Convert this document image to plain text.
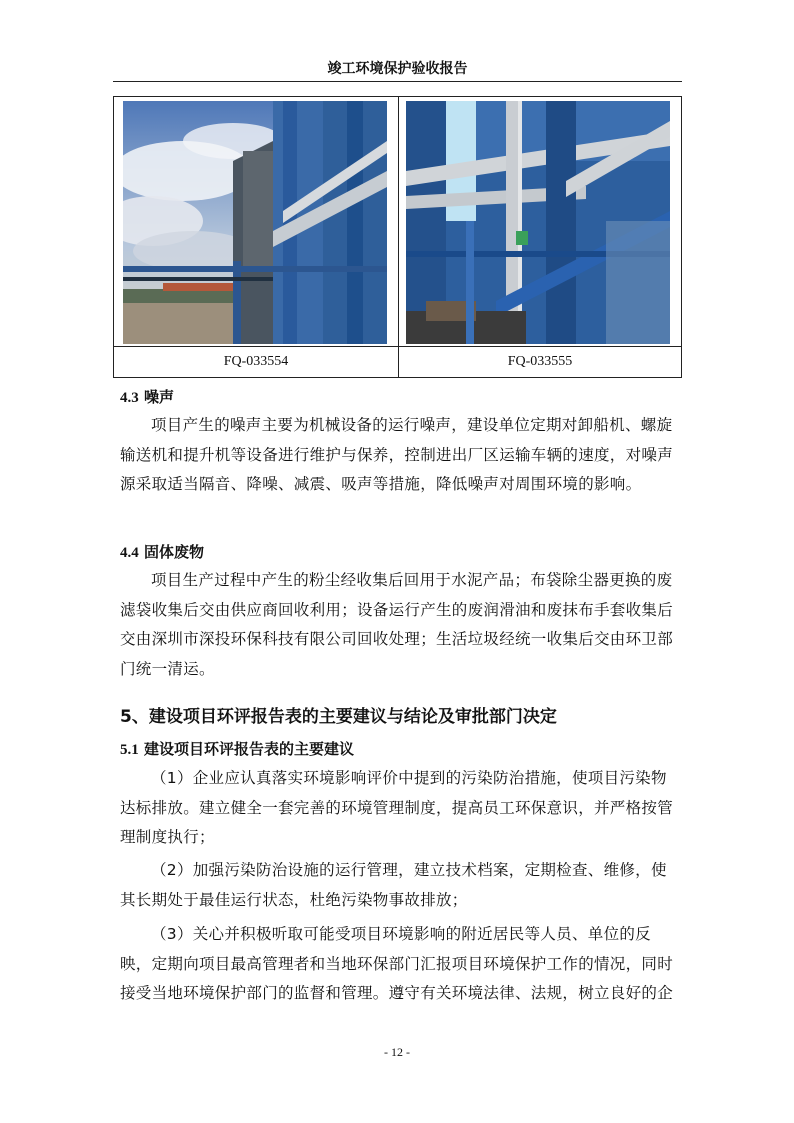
竣工环境保护验收报告
FQ-033554	FQ-033555
4.3 噪声

项目产生的噪声主要为机械设备的运行噪声，建设单位定期对卸船机、螺旋输送机和提升机等设备进行维护与保养，控制进出厂区运输车辆的速度，对噪声源采取适当隔音、降噪、减震、吸声等措施，降低噪声对周围环境的影响。

4.4 固体废物

项目生产过程中产生的粉尘经收集后回用于水泥产品；布袋除尘器更换的废滤袋收集后交由供应商回收利用；设备运行产生的废润滑油和废抹布手套收集后交由深圳市深投环保科技有限公司回收处理；生活垃圾经统一收集后交由环卫部门统一清运。

5、建设项目环评报告表的主要建议与结论及审批部门决定
5.1 建设项目环评报告表的主要建议

（1）企业应认真落实环境影响评价中提到的污染防治措施，使项目污染物达标排放。建立健全一套完善的环境管理制度，提高员工环保意识，并严格按管理制度执行；

（2）加强污染防治设施的运行管理，建立技术档案，定期检查、维修，使其长期处于最佳运行状态，杜绝污染物事故排放；

（3）关心并积极听取可能受项目环境影响的附近居民等人员、单位的反映，定期向项目最高管理者和当地环保部门汇报项目环境保护工作的情况，同时接受当地环境保护部门的监督和管理。遵守有关环境法律、法规，树立良好的企

- 12 -
